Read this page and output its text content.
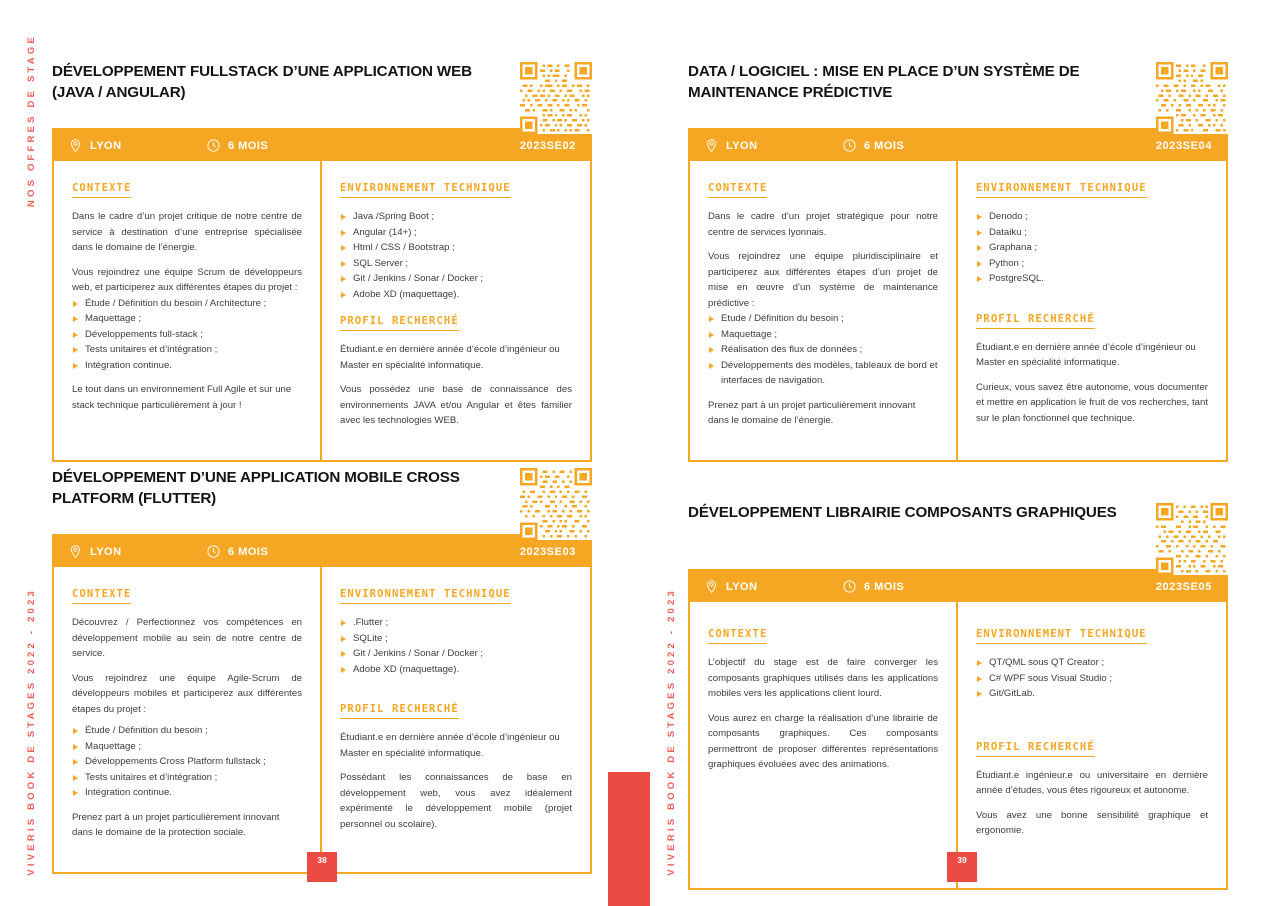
NOS OFFRES DE STAGE
VIVERIS BOOK DE STAGES 2022 - 2023	VIVERIS BOOK DE STAGES 2022 - 2023
DÉVELOPPEMENT FULLSTACK D’UNE APPLICATION WEB (JAVA / ANGULAR)
LYON	6 MOIS	2023SE02
CONTEXTE

Dans le cadre d’un projet critique de notre centre de service à destination d’une entreprise spécialisée dans le domaine de l’énergie.

Vous rejoindrez une équipe Scrum de développeurs web, et participerez aux différentes étapes du projet :

Étude / Définition du besoin / Architecture ;
Maquettage ;
Développements full-stack ;
Tests unitaires et d’intégration ;
Intégration continue.

Le tout dans un environnement Full Agile et sur une stack technique particulièrement à jour !

ENVIRONNEMENT TECHNIQUE
Java /Spring Boot ;
Angular (14+) ;
Html / CSS / Bootstrap ;
SQL Server ;
Git / Jenkins / Sonar / Docker ;
Adobe XD (maquettage).
PROFIL RECHERCHÉ

Étudiant.e en dernière année d’école d’ingénieur ou Master en spécialité informatique.

Vous possédez une base de connaissance des environnements JAVA et/ou Angular et êtes familier avec les technologies WEB.

DATA / LOGICIEL : MISE EN PLACE D’UN SYSTÈME DE MAINTENANCE PRÉDICTIVE
LYON	6 MOIS	2023SE04
CONTEXTE

Dans le cadre d’un projet stratégique pour notre centre de services lyonnais.

Vous rejoindrez une équipe pluridisciplinaire et participerez aux différentes étapes d’un projet de mise en œuvre d’un système de maintenance prédictive :

Etude / Définition du besoin ;
Maquettage ;
Réalisation des flux de données ;
Développements des modèles, tableaux de bord et interfaces de navigation.

Prenez part à un projet particulièrement innovant dans le domaine de l’énergie.

ENVIRONNEMENT TECHNIQUE
Denodo ;
Dataiku ;
Graphana ;
Python ;
PostgreSQL.
PROFIL RECHERCHÉ

Étudiant.e en dernière année d’école d’ingénieur ou Master en spécialité informatique.

Curieux, vous savez être autonome, vous documenter et mettre en application le fruit de vos recherches, tant sur le plan fonctionnel que technique.

DÉVELOPPEMENT D’UNE APPLICATION MOBILE CROSS PLATFORM (FLUTTER)
LYON	6 MOIS	2023SE03
CONTEXTE

Découvrez / Perfectionnez vos compétences en développement mobile au sein de notre centre de service.

Vous rejoindrez une équipe Agile-Scrum de développeurs mobiles et participerez aux différentes étapes du projet :

Étude / Définition du besoin ;
Maquettage ;
Développements Cross Platform fullstack ;
Tests unitaires et d’intégration ;
Intégration continue.

Prenez part à un projet particulièrement innovant dans le domaine de la protection sociale.

ENVIRONNEMENT TECHNIQUE
.Flutter ;
SQLite ;
Git / Jenkins / Sonar / Docker ;
Adobe XD (maquettage).
PROFIL RECHERCHÉ

Étudiant.e en dernière année d’école d’ingénieur ou Master en spécialité informatique.

Possédant les connaissances de base en développement web, vous avez idéalement expérimenté le développement mobile (projet personnel ou scolaire).

DÉVELOPPEMENT LIBRAIRIE COMPOSANTS GRAPHIQUES
LYON	6 MOIS	2023SE05
CONTEXTE

L’objectif du stage est de faire converger les composants graphiques utilisés dans les applications mobiles vers les applications client lourd.

Vous aurez en charge la réalisation d’une librairie de composants graphiques. Ces composants permettront de proposer différentes représentations graphiques évoluées avec des animations.

ENVIRONNEMENT TECHNIQUE
QT/QML sous QT Creator ;
C# WPF sous Visual Studio ;
Git/GitLab.
PROFIL RECHERCHÉ

Étudiant.e ingénieur.e ou universitaire en dernière année d’études, vous êtes rigoureux et autonome.

Vous avez une bonne sensibilité graphique et ergonomie.

38	39
